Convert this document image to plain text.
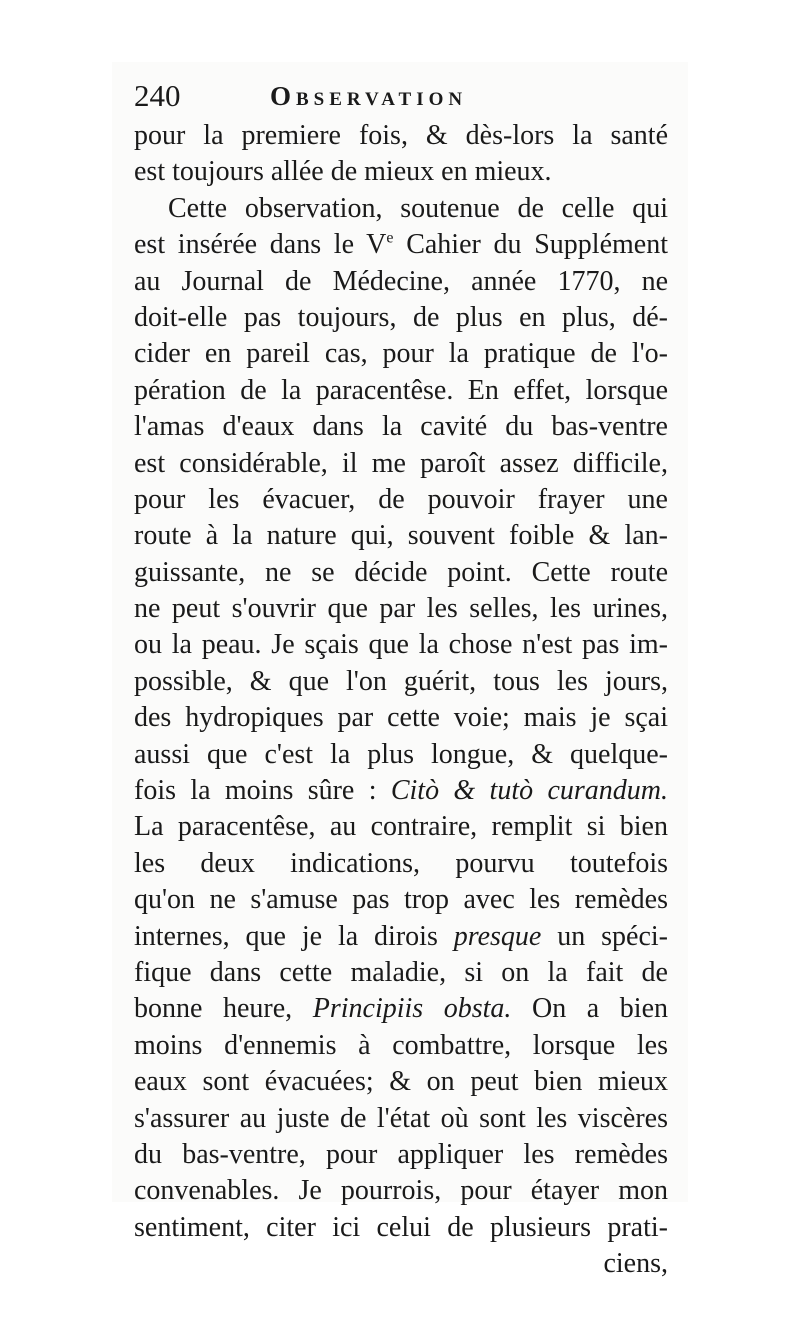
240	Observation
pour la premiere fois, & dès-lors la santé
est toujours allée de mieux en mieux.
Cette observation, soutenue de celle qui
est insérée dans le Ve Cahier du Supplément
au Journal de Médecine, année 1770, ne
doit-elle pas toujours, de plus en plus, dé-
cider en pareil cas, pour la pratique de l'o-
pération de la paracentêse. En effet, lorsque
l'amas d'eaux dans la cavité du bas-ventre
est considérable, il me paroît assez difficile,
pour les évacuer, de pouvoir frayer une
route à la nature qui, souvent foible & lan-
guissante, ne se décide point. Cette route
ne peut s'ouvrir que par les selles, les urines,
ou la peau. Je sçais que la chose n'est pas im-
possible, & que l'on guérit, tous les jours,
des hydropiques par cette voie; mais je sçai
aussi que c'est la plus longue, & quelque-
fois la moins sûre : Citò & tutò curandum.
La paracentêse, au contraire, remplit si bien
les deux indications, pourvu toutefois
qu'on ne s'amuse pas trop avec les remèdes
internes, que je la dirois presque un spéci-
fique dans cette maladie, si on la fait de
bonne heure, Principiis obsta. On a bien
moins d'ennemis à combattre, lorsque les
eaux sont évacuées; & on peut bien mieux
s'assurer au juste de l'état où sont les viscères
du bas-ventre, pour appliquer les remèdes
convenables. Je pourrois, pour étayer mon
sentiment, citer ici celui de plusieurs prati-
ciens,
